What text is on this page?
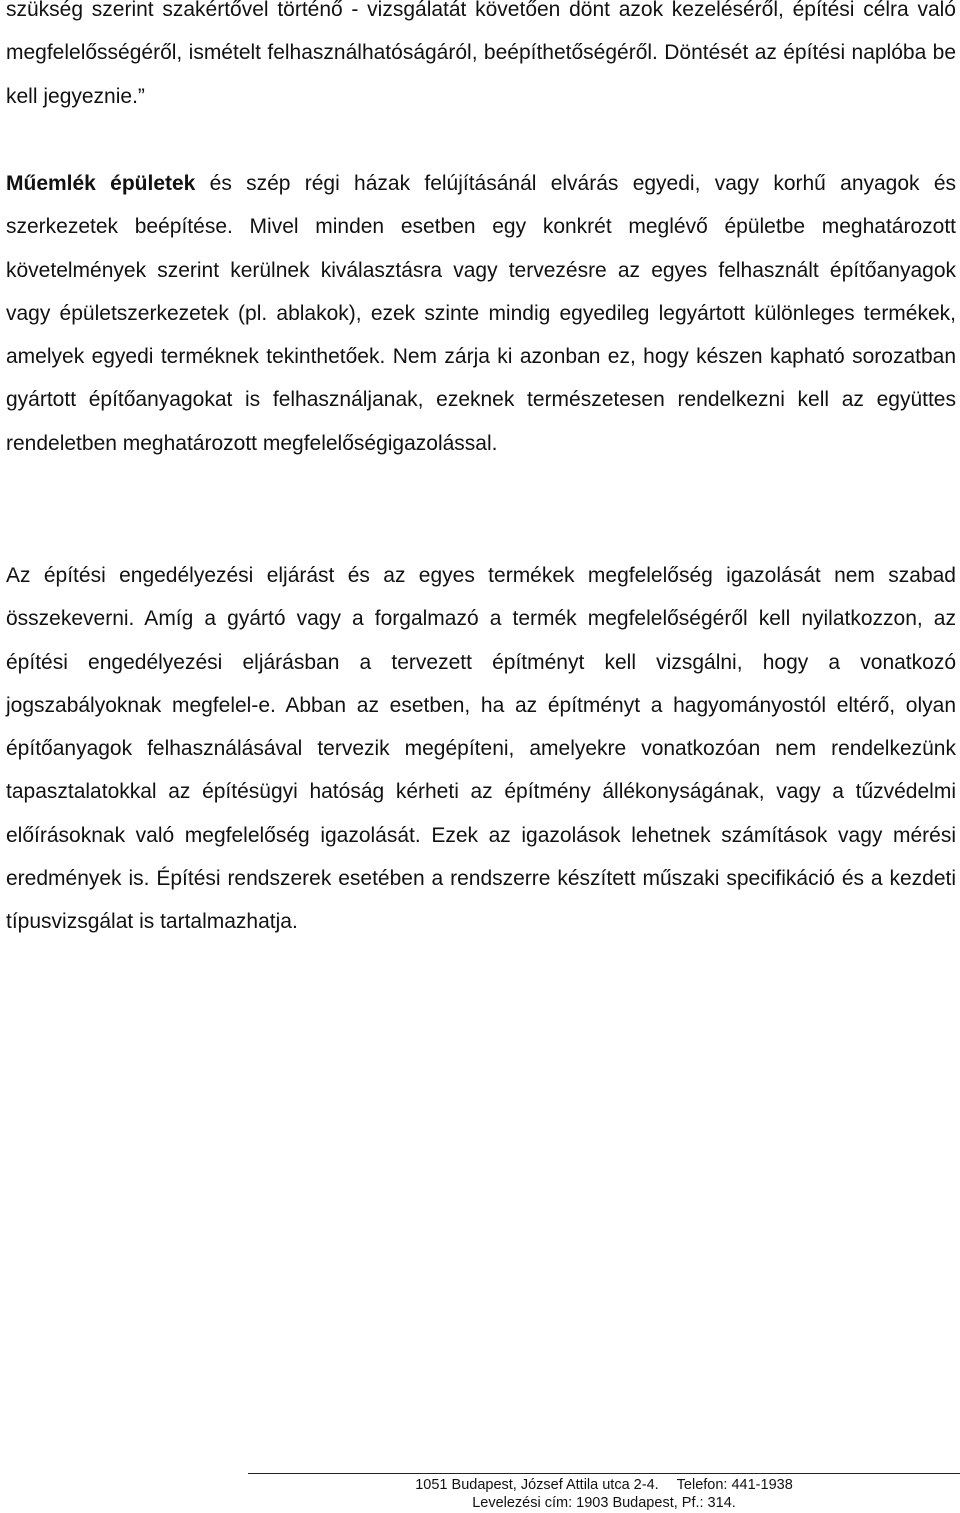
szükség szerint szakértővel történő - vizsgálatát követően dönt azok kezeléséről, építési célra való megfelelősségéről, ismételt felhasználhatóságáról, beépíthetőségéről. Döntését az építési naplóba be kell jegyeznie.”

Műemlék épületek és szép régi házak felújításánál elvárás egyedi, vagy korhű anyagok és szerkezetek beépítése. Mivel minden esetben egy konkrét meglévő épületbe meghatározott követelmények szerint kerülnek kiválasztásra vagy tervezésre az egyes felhasznált építőanyagok vagy épületszerkezetek (pl. ablakok), ezek szinte mindig egyedileg legyártott különleges termékek, amelyek egyedi terméknek tekinthetőek. Nem zárja ki azonban ez, hogy készen kapható sorozatban gyártott építőanyagokat is felhasználjanak, ezeknek természetesen rendelkezni kell az együttes rendeletben meghatározott megfelelőségigazolással.

Az építési engedélyezési eljárást és az egyes termékek megfelelőség igazolását nem szabad összekeverni. Amíg a gyártó vagy a forgalmazó a termék megfelelőségéről kell nyilatkozzon, az építési engedélyezési eljárásban a tervezett építményt kell vizsgálni, hogy a vonatkozó jogszabályoknak megfelel-e. Abban az esetben, ha az építményt a hagyományostól eltérő, olyan építőanyagok felhasználásával tervezik megépíteni, amelyekre vonatkozóan nem rendelkezünk tapasztalatokkal az építésügyi hatóság kérheti az építmény állékonyságának, vagy a tűzvédelmi előírásoknak való megfelelőség igazolását. Ezek az igazolások lehetnek számítások vagy mérési eredmények is. Építési rendszerek esetében a rendszerre készített műszaki specifikáció és a kezdeti típusvizsgálat is tartalmazhatja.

1051 Budapest, József Attila utca 2-4. Telefon: 441-1938
Levelezési cím: 1903 Budapest, Pf.: 314.
